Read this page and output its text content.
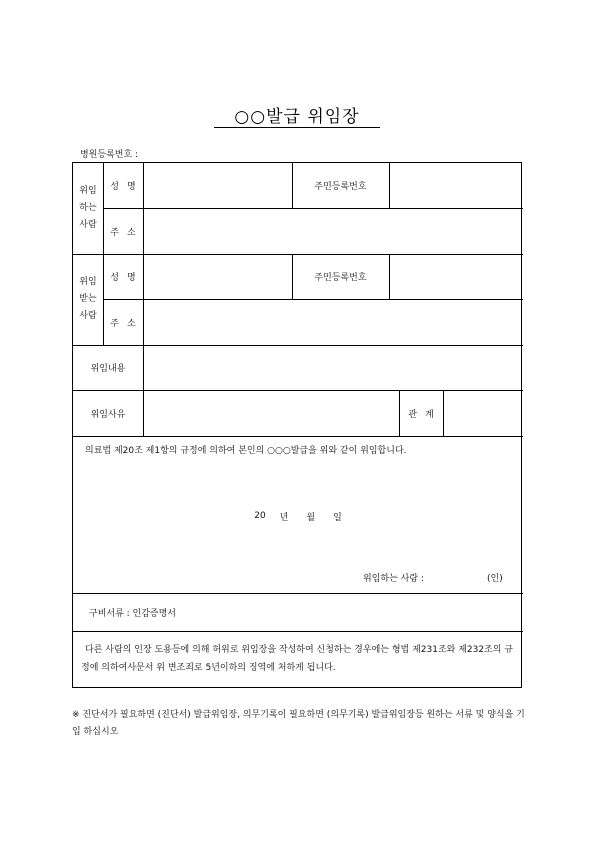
○○발급 위임장
병원등록번호 :
위임
하는
사람
성 명	주민등록번호
주 소
위임
받는
사람
성 명	주민등록번호
주 소
위임내용
위임사유	관 계
의료법 제20조 제1항의 규정에 의하여 본인의 ○○○발급을 위와 같이 위임합니다.
20 년 월 일
위임하는 사람 :	(인)
구비서류 : 인감증명서
다른 사람의 인장 도용등에 의해 허위로 위임장을 작성하여 신청하는 경우에는 형법 제231조와 제232조의 규정에 의하여사문서 위 변조죄로 5년이하의 징역에 처하게 됩니다.
※ 진단서가 필요하면 (진단서) 발급위임장, 의무기록이 필요하면 (의무기록) 발급위임장등 원하는 서류 및 양식을 기입 하십시오
